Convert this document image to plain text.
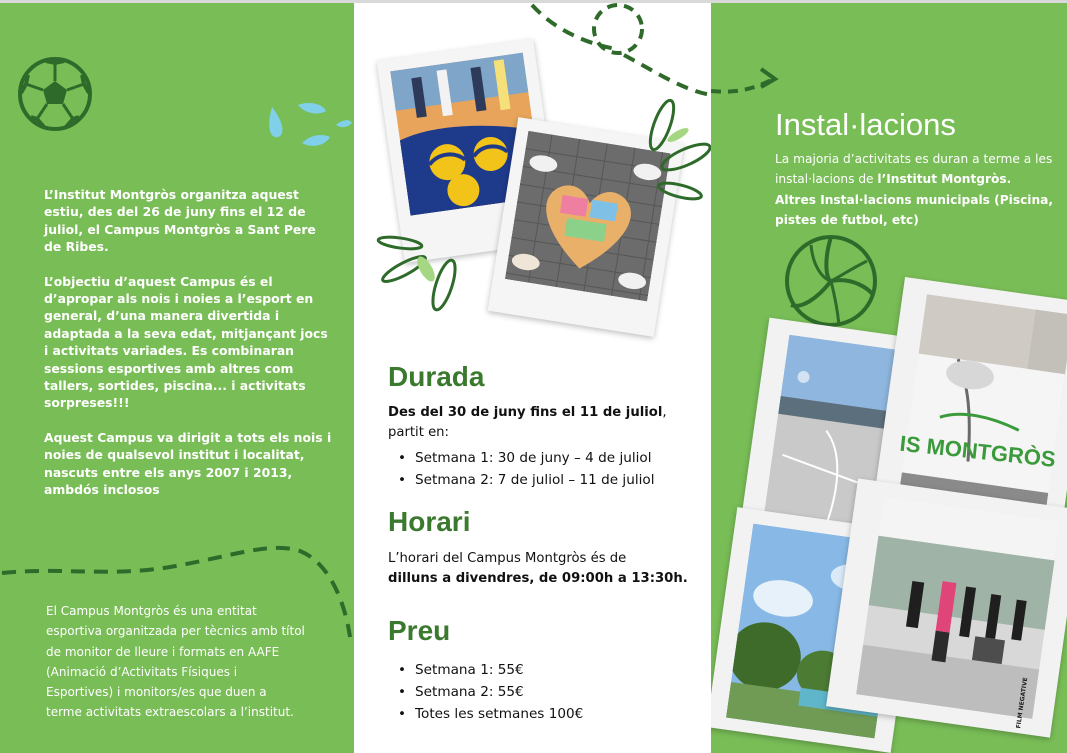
L’Institut Montgròs organitza aquest estiu, des del 26 de juny fins el 12 de juliol, el Campus Montgròs a Sant Pere de Ribes.

L’objectiu d’aquest Campus és el d’apropar als nois i noies a l’esport en general, d’una manera divertida i adaptada a la seva edat, mitjançant jocs i activitats variades. Es combinaran sessions esportives amb altres com tallers, sortides, piscina... i activitats sorpreses!!!

Aquest Campus va dirigit a tots els nois i noies de qualsevol institut i localitat, nascuts entre els anys 2007 i 2013, ambdós inclosos

El Campus Montgròs és una entitat esportiva organitzada per tècnics amb títol de monitor de lleure i formats en AAFE (Animació d’Activitats Físiques i Esportives) i monitors/es que duen a terme activitats extraescolars a l’institut.
Durada
Des del 30 de juny fins el 11 de juliol, partit en:
• Setmana 1: 30 de juny – 4 de juliol
• Setmana 2: 7 de juliol – 11 de juliol
Horari
L’horari del Campus Montgròs és de
dilluns a divendres, de 09:00h a 13:30h.
Preu
• Setmana 1: 55€
• Setmana 2: 55€
• Totes les setmanes 100€
Instal·lacions
La majoria d’activitats es duran a terme a les instal·lacions de l’Institut Montgròs.
Altres Instal·lacions municipals (Piscina, pistes de futbol, etc)
IS MONTGRÒS
FILM NEGATIVE
